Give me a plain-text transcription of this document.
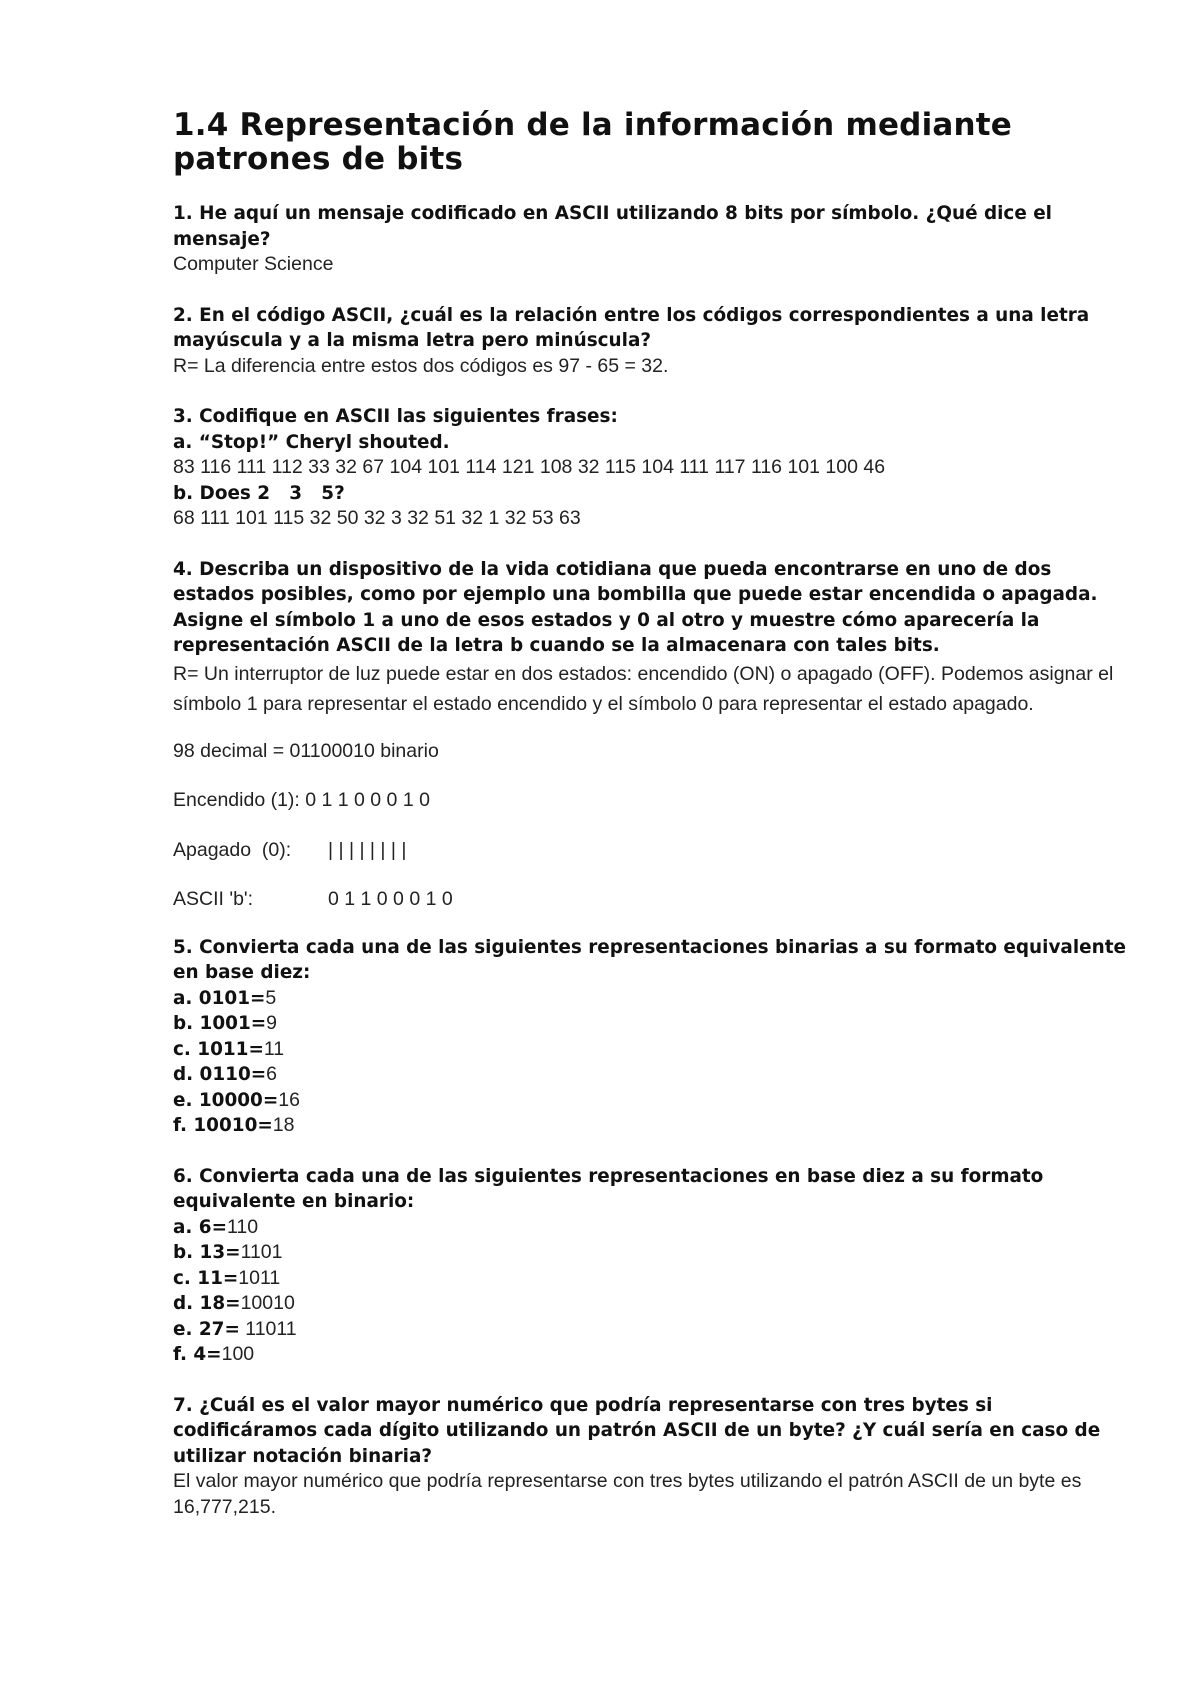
1.4 Representación de la información mediante patrones de bits

1. He aquí un mensaje codificado en ASCII utilizando 8 bits por símbolo. ¿Qué dice el mensaje?

Computer Science

2. En el código ASCII, ¿cuál es la relación entre los códigos correspondientes a una letra mayúscula y a la misma letra pero minúscula?

R= La diferencia entre estos dos códigos es 97 - 65 = 32.

3. Codifique en ASCII las siguientes frases:

a. “Stop!” Cheryl shouted.

83 116 111 112 33 32 67 104 101 114 121 108 32 115 104 111 117 116 101 100 46

b. Does 2   3   5?

68 111 101 115 32 50 32 3 32 51 32 1 32 53 63

4. Describa un dispositivo de la vida cotidiana que pueda encontrarse en uno de dos estados posibles, como por ejemplo una bombilla que puede estar encendida o apagada. Asigne el símbolo 1 a uno de esos estados y 0 al otro y muestre cómo aparecería la representación ASCII de la letra b cuando se la almacenara con tales bits.

R= Un interruptor de luz puede estar en dos estados: encendido (ON) o apagado (OFF). Podemos asignar el símbolo 1 para representar el estado encendido y el símbolo 0 para representar el estado apagado.

98 decimal = 01100010 binario

Encendido (1): 0 1 1 0 0 0 1 0

Apagado  (0): | | | | | | | |

ASCII 'b':	0 1 1 0 0 0 1 0

5. Convierta cada una de las siguientes representaciones binarias a su formato equivalente en base diez:

a. 0101=5

b. 1001=9

c. 1011=11

d. 0110=6

e. 10000=16

f. 10010=18

6. Convierta cada una de las siguientes representaciones en base diez a su formato equivalente en binario:

a. 6=110

b. 13=1101

c. 11=1011

d. 18=10010

e. 27= 11011

f. 4=100

7. ¿Cuál es el valor mayor numérico que podría representarse con tres bytes si codificáramos cada dígito utilizando un patrón ASCII de un byte? ¿Y cuál sería en caso de utilizar notación binaria?

El valor mayor numérico que podría representarse con tres bytes utilizando el patrón ASCII de un byte es 16,777,215.
